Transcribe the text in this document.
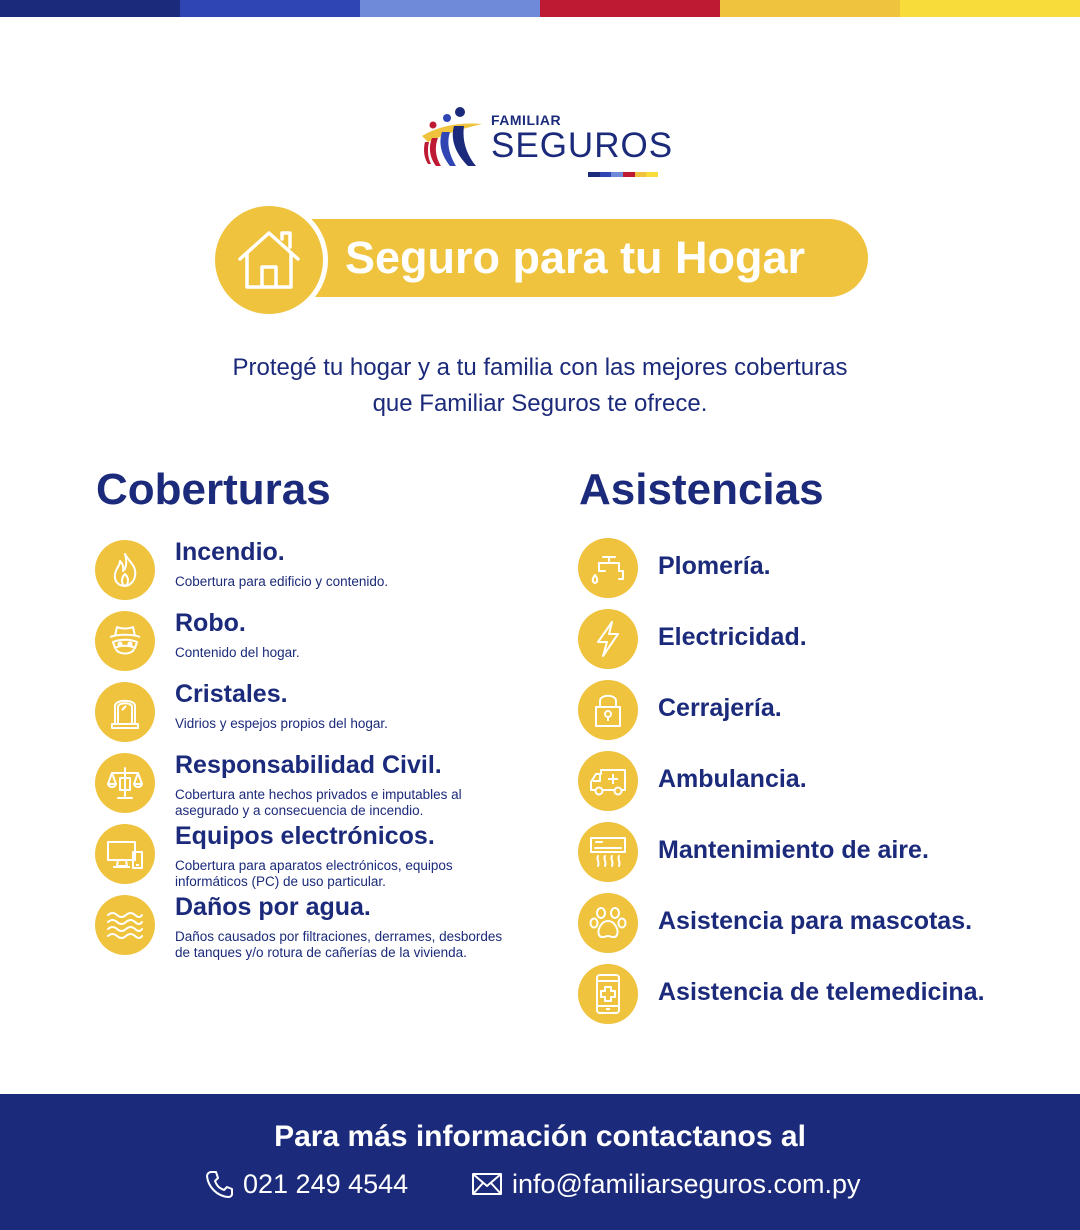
FAMILIAR
SEGUROS
Seguro para tu Hogar
Protegé tu hogar y a tu familia con las mejores coberturas
que Familiar Seguros te ofrece.
Coberturas
Incendio.
Cobertura para edificio y contenido.
Robo.
Contenido del hogar.
Cristales.
Vidrios y espejos propios del hogar.
Responsabilidad Civil.
Cobertura ante hechos privados e imputables al asegurado y a consecuencia de incendio.
Equipos electrónicos.
Cobertura para aparatos electrónicos, equipos informáticos (PC) de uso particular.
Daños por agua.
Daños causados por filtraciones, derrames, desbordes de tanques y/o rotura de cañerías de la vivienda.
Asistencias
Plomería.
Electricidad.
Cerrajería.
Ambulancia.
Mantenimiento de aire.
Asistencia para mascotas.
Asistencia de telemedicina.
Para más información contactanos al
021 249 4544	info@familiarseguros.com.py
